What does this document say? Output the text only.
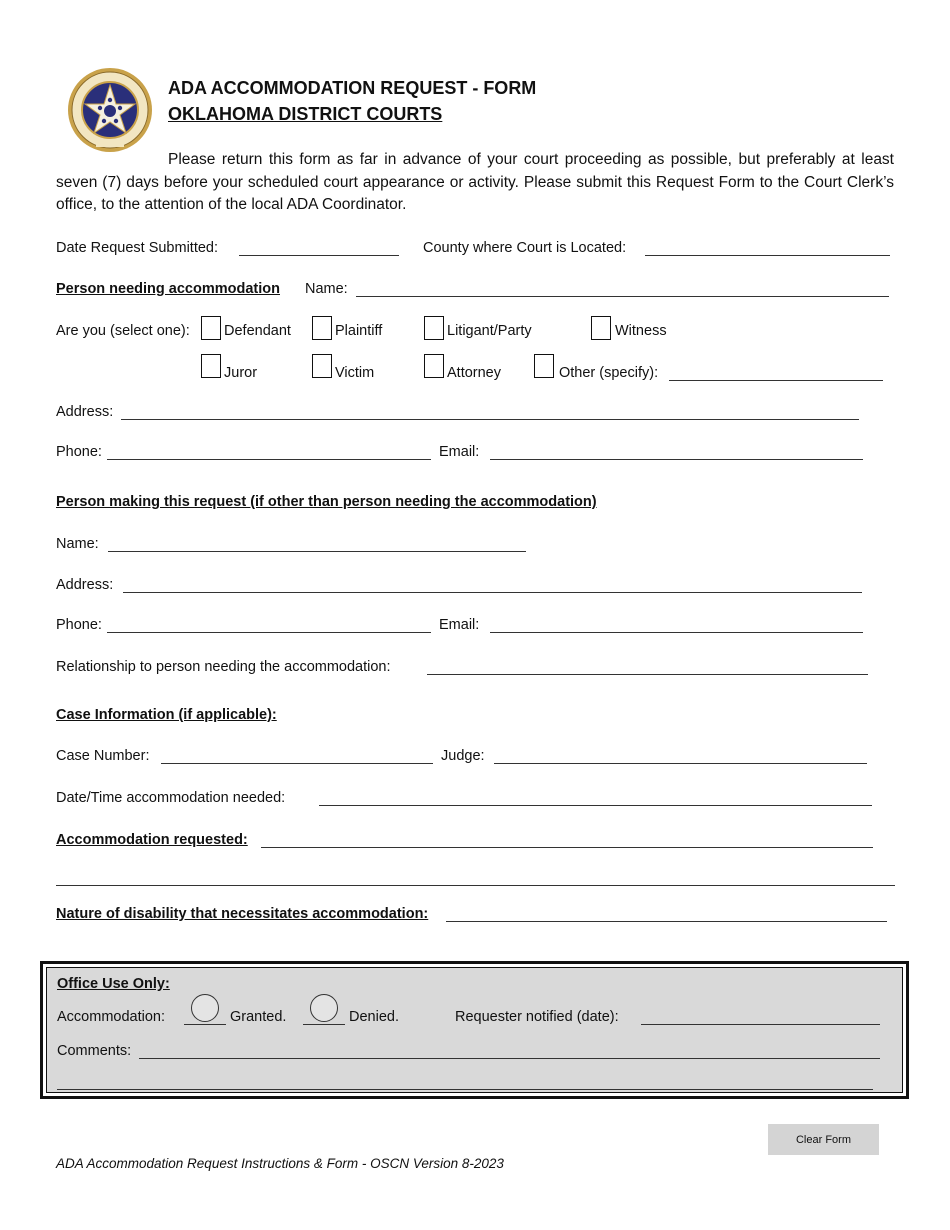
ADA ACCOMMODATION REQUEST - FORM
OKLAHOMA DISTRICT COURTS
Please return this form as far in advance of your court proceeding as possible, but preferably at least seven (7) days before your scheduled court appearance or activity. Please submit this Request Form to the Court Clerk’s office, to the attention of the local ADA Coordinator.
Date Request Submitted:	County where Court is Located:
Person needing accommodation Name:
Are you (select one): Defendant	Plaintiff	Litigant/Party	Witness
Juror	Victim	Attorney	Other (specify):
Address:
Phone:	Email:
Person making this request (if other than person needing the accommodation)
Name:
Address:
Phone:	Email:
Relationship to person needing the accommodation:
Case Information (if applicable):
Case Number:	Judge:
Date/Time accommodation needed:
Accommodation requested:
Nature of disability that necessitates accommodation:
Office Use Only:
Accommodation:	Granted.	Denied.	Requester notified (date):
Comments:
Clear Form
ADA Accommodation Request Instructions & Form - OSCN Version 8-2023
